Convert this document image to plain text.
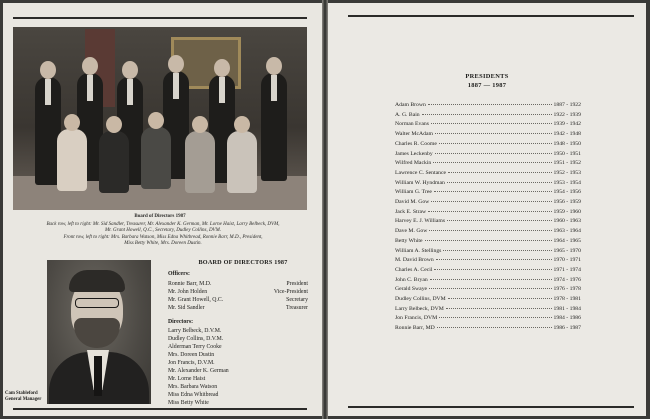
Board of Directors 1987
Back row, left to right: Mr. Sid Sandler, Treasurer, Mr. Alexander K. German, Mr. Lorne Haist, Larry Belbeck, DVM,
Mr. Grant Howell, Q.C., Secretary, Dudley Collins, DVM.
Front row, left to right: Mrs. Barbara Watson, Miss Edna Whitbread, Ronnie Barr, M.D., President,
Miss Betty White, Mrs. Doreen Dustin.
Cam Stableford
General Manager
BOARD OF DIRECTORS 1987
Officers:
Ronnie Barr, M.D.	President
Mr. John Holden	Vice-President
Mr. Grant Howell, Q.C.	Secretary
Mr. Sid Sandler	Treasurer
Directors:
Larry Belbeck, D.V.M.
Dudley Collins, D.V.M.
Alderman Terry Cooke
Mrs. Doreen Dustin
Jon Francis, D.V.M.
Mr. Alexander K. German
Mr. Lorne Haist
Mrs. Barbara Watson
Miss Edna Whitbread
Miss Betty White
PRESIDENTS
1887 — 1987
Adam Brown	1887 - 1922
A. G. Bain	1922 - 1939
Norman Evans	1939 - 1942
Walter McAdam	1942 - 1948
Charles R. Coome	1948 - 1950
James Leckenby	1950 - 1951
Wilfred Mackin	1951 - 1952
Lawrence C. Sentance	1952 - 1953
William W. Hyndman	1953 - 1954
William G. Tree	1954 - 1956
David M. Gow	1956 - 1959
Jack E. Straw	1959 - 1960
Harvey E. J. Williams	1960 - 1963
Dave M. Gow	1963 - 1964
Betty White	1964 - 1965
William A. Stellings	1965 - 1970
M. David Brown	1970 - 1971
Charles A. Cecil	1971 - 1974
John C. Bryan	1974 - 1976
Gerald Swaye	1976 - 1978
Dudley Collins, DVM	1978 - 1981
Larry Belbeck, DVM	1981 - 1984
Jon Francis, DVM	1984 - 1986
Ronnie Barr, MD	1986 - 1987
